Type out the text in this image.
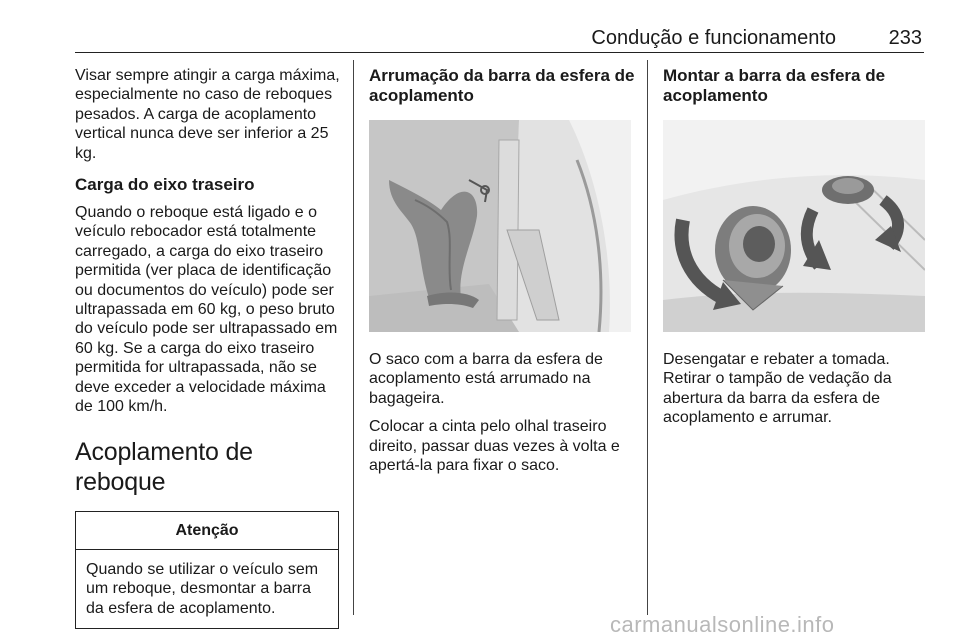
Condução e funcionamento	233

Visar sempre atingir a carga máxima, especialmente no caso de reboques pesados. A carga de acoplamento vertical nunca deve ser inferior a 25 kg.

Carga do eixo traseiro

Quando o reboque está ligado e o veículo rebocador está totalmente carregado, a carga do eixo traseiro permitida (ver placa de identificação ou documentos do veículo) pode ser ultrapassada em 60 kg, o peso bruto do veículo pode ser ultrapassado em 60 kg. Se a carga do eixo traseiro permitida for ultrapassada, não se deve exceder a velocidade máxima de 100 km/h.

Acoplamento de reboque
Atenção
Quando se utilizar o veículo sem um reboque, desmontar a barra da esfera de acoplamento.
Arrumação da barra da esfera de acoplamento

O saco com a barra da esfera de acoplamento está arrumado na bagageira.

Colocar a cinta pelo olhal traseiro direito, passar duas vezes à volta e apertá-la para fixar o saco.

Montar a barra da esfera de acoplamento

Desengatar e rebater a tomada. Retirar o tampão de vedação da abertura da barra da esfera de acoplamento e arrumar.

carmanualsonline.info
